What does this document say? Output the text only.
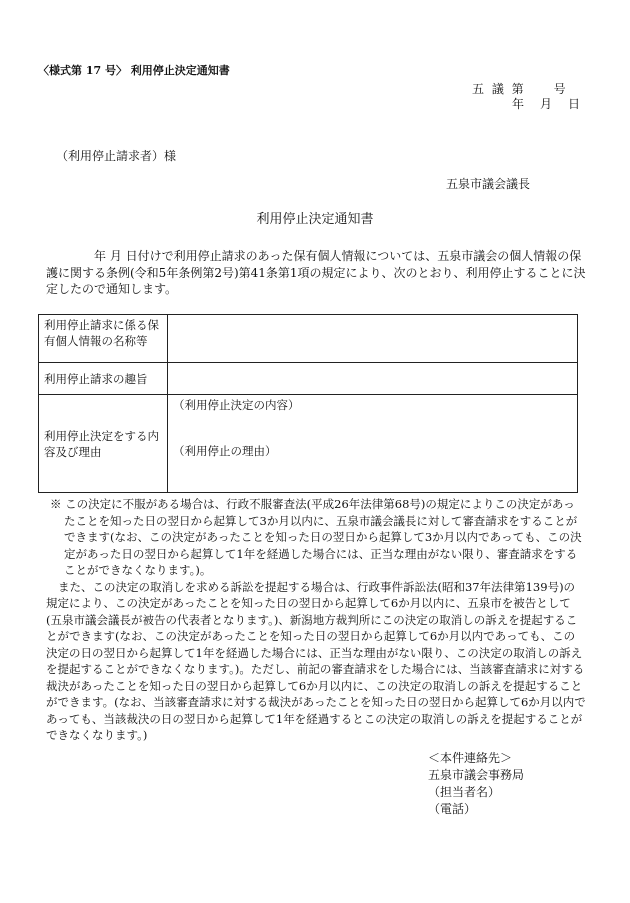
〈様式第 17 号〉 利用停止決定通知書
五 議 第　　号
年　月　日
（利用停止請求者）様
五泉市議会議長
利用停止決定通知書
年 月 日付けで利用停止請求のあった保有個人情報については、五泉市議会の個人情報の保護に関する条例(令和5年条例第2号)第41条第1項の規定により、次のとおり、利用停止することに決定したので通知します。
利用停止請求に係る保有個人情報の名称等	
利用停止請求の趣旨	
利用停止決定をする内容及び理由	（利用停止決定の内容）
（利用停止の理由）

※ この決定に不服がある場合は、行政不服審査法(平成26年法律第68号)の規定によりこの決定があったことを知った日の翌日から起算して3か月以内に、五泉市議会議長に対して審査請求をすることができます(なお、この決定があったことを知った日の翌日から起算して3か月以内であっても、この決定があった日の翌日から起算して1年を経過した場合には、正当な理由がない限り、審査請求をすることができなくなります。)。

また、この決定の取消しを求める訴訟を提起する場合は、行政事件訴訟法(昭和37年法律第139号)の規定により、この決定があったことを知った日の翌日から起算して6か月以内に、五泉市を被告として(五泉市議会議長が被告の代表者となります。)、新潟地方裁判所にこの決定の取消しの訴えを提起することができます(なお、この決定があったことを知った日の翌日から起算して6か月以内であっても、この決定の日の翌日から起算して1年を経過した場合には、正当な理由がない限り、この決定の取消しの訴えを提起することができなくなります。)。ただし、前記の審査請求をした場合には、当該審査請求に対する裁決があったことを知った日の翌日から起算して6か月以内に、この決定の取消しの訴えを提起することができます。(なお、当該審査請求に対する裁決があったことを知った日の翌日から起算して6か月以内であっても、当該裁決の日の翌日から起算して1年を経過するとこの決定の取消しの訴えを提起することができなくなります。)

＜本件連絡先＞
五泉市議会事務局
（担当者名）
（電話）
